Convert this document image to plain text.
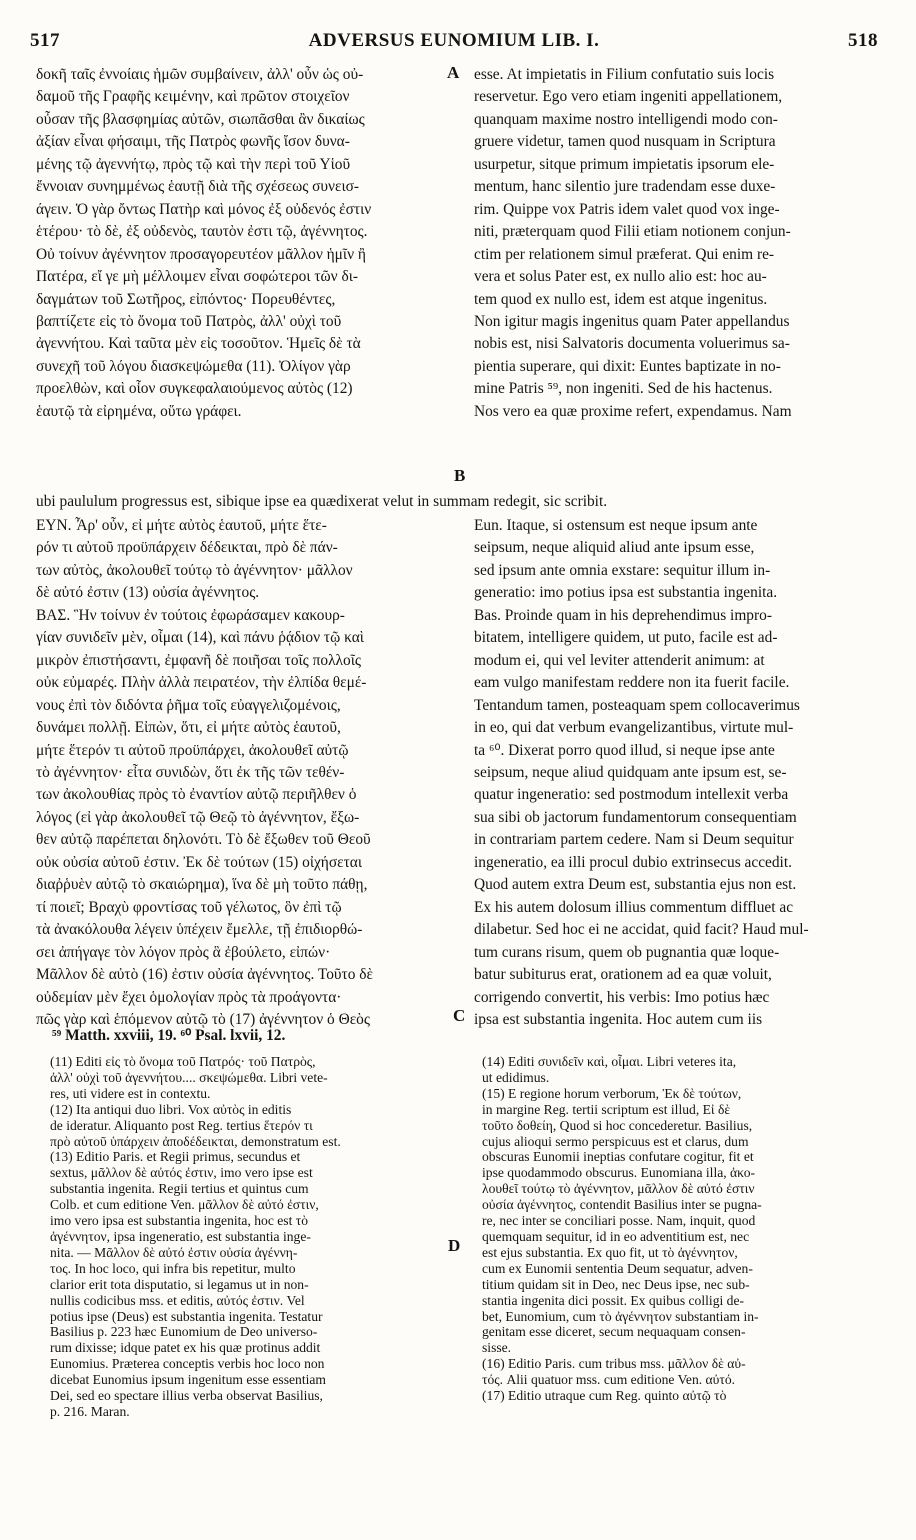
517	ADVERSUS EUNOMIUM LIB. I.	518
A
B
C
D
δοκῆ ταῖς ἐννοίαις ἡμῶν συμβαίνειν, ἀλλ' οὖν ὡς οὐ-
δαμοῦ τῆς Γραφῆς κειμένην, καὶ πρῶτον στοιχεῖον
οὖσαν τῆς βλασφημίας αὐτῶν, σιωπᾶσθαι ἂν δικαίως
ἀξίαν εἶναι φήσαιμι, τῆς Πατρὸς φωνῆς ἴσον δυνα-
μένης τῷ ἀγεννήτῳ, πρὸς τῷ καὶ τὴν περὶ τοῦ Υἱοῦ
ἔννοιαν συνημμένως ἑαυτῇ διὰ τῆς σχέσεως συνεισ-
άγειν. Ὁ γὰρ ὄντως Πατὴρ καὶ μόνος ἐξ οὐδενός ἐστιν
ἑτέρου· τὸ δὲ, ἐξ οὐδενὸς, ταυτὸν ἐστι τῷ, ἀγέννητος.
Οὐ τοίνυν ἀγέννητον προσαγορευτέον μᾶλλον ἡμῖν ἢ
Πατέρα, εἴ γε μὴ μέλλοιμεν εἶναι σοφώτεροι τῶν δι-
δαγμάτων τοῦ Σωτῆρος, εἰπόντος· Πορευθέντες,
βαπτίζετε εἰς τὸ ὄνομα τοῦ Πατρὸς, ἀλλ' οὐχὶ τοῦ
ἀγεννήτου. Καὶ ταῦτα μὲν εἰς τοσοῦτον. Ἡμεῖς δὲ τὰ
συνεχῆ τοῦ λόγου διασκεψώμεθα (11). Ὀλίγον γὰρ
προελθὼν, καὶ οἷον συγκεφαλαιούμενος αὐτὸς (12)
ἑαυτῷ τὰ εἰρημένα, οὕτω γράφει.
esse. At impietatis in Filium confutatio suis locis
reservetur. Ego vero etiam ingeniti appellationem,
quanquam maxime nostro intelligendi modo con-
gruere videtur, tamen quod nusquam in Scriptura
usurpetur, sitque primum impietatis ipsorum ele-
mentum, hanc silentio jure tradendam esse duxe-
rim. Quippe vox Patris idem valet quod vox inge-
niti, præterquam quod Filii etiam notionem conjun-
ctim per relationem simul præferat. Qui enim re-
vera et solus Pater est, ex nullo alio est: hoc au-
tem quod ex nullo est, idem est atque ingenitus.
Non igitur magis ingenitus quam Pater appellandus
nobis est, nisi Salvatoris documenta voluerimus sa-
pientia superare, qui dixit: Euntes baptizate in no-
mine Patris ⁵⁹, non ingeniti. Sed de his hactenus.
Nos vero ea quæ proxime refert, expendamus. Nam
ubi paululum progressus est, sibique ipse ea quædixerat velut in summam redegit, sic scribit.
ΕΥΝ. Ἆρ' οὖν, εἰ μήτε αὐτὸς ἑαυτοῦ, μήτε ἕτε-
ρόν τι αὐτοῦ προϋπάρχειν δέδεικται, πρὸ δὲ πάν-
των αὐτὸς, ἀκολουθεῖ τούτῳ τὸ ἀγέννητον· μᾶλλον
δὲ αὐτό ἐστιν (13) οὐσία ἀγέννητος.
ΒΑΣ. Ἣν τοίνυν ἐν τούτοις ἐφωράσαμεν κακουρ-
γίαν συνιδεῖν μὲν, οἶμαι (14), καὶ πάνυ ῥᾴδιον τῷ καὶ
μικρὸν ἐπιστήσαντι, ἐμφανῆ δὲ ποιῆσαι τοῖς πολλοῖς
οὐκ εὐμαρές. Πλὴν ἀλλὰ πειρατέον, τὴν ἐλπίδα θεμέ-
νους ἐπὶ τὸν διδόντα ῥῆμα τοῖς εὐαγγελιζομένοις,
δυνάμει πολλῇ. Εἰπὼν, ὅτι, εἰ μήτε αὐτὸς ἑαυτοῦ,
μήτε ἕτερόν τι αὐτοῦ προϋπάρχει, ἀκολουθεῖ αὐτῷ
τὸ ἀγέννητον· εἶτα συνιδὼν, ὅτι ἐκ τῆς τῶν τεθέν-
των ἀκολουθίας πρὸς τὸ ἐναντίον αὐτῷ περιῆλθεν ὁ
λόγος (εἰ γὰρ ἀκολουθεῖ τῷ Θεῷ τὸ ἀγέννητον, ἔξω-
θεν αὐτῷ παρέπεται δηλονότι. Τὸ δὲ ἔξωθεν τοῦ Θεοῦ
οὐκ οὐσία αὐτοῦ ἐστιν. Ἐκ δὲ τούτων (15) οἰχήσεται
διαῤῥυὲν αὐτῷ τὸ σκαιώρημα), ἵνα δὲ μὴ τοῦτο πάθῃ,
τί ποιεῖ; Βραχὺ φροντίσας τοῦ γέλωτος, ὃν ἐπὶ τῷ
τὰ ἀνακόλουθα λέγειν ὑπέχειν ἔμελλε, τῇ ἐπιδιορθώ-
σει ἀπήγαγε τὸν λόγον πρὸς ἃ ἐβούλετο, εἰπών·
Μᾶλλον δὲ αὐτὸ (16) ἐστιν οὐσία ἀγέννητος. Τοῦτο δὲ
οὐδεμίαν μὲν ἔχει ὁμολογίαν πρὸς τὰ προάγοντα·
πῶς γὰρ καὶ ἑπόμενον αὐτῷ τὸ (17) ἀγέννητον ὁ Θεὸς
Eun. Itaque, si ostensum est neque ipsum ante
seipsum, neque aliquid aliud ante ipsum esse,
sed ipsum ante omnia exstare: sequitur illum in-
generatio: imo potius ipsa est substantia ingenita.
Bas. Proinde quam in his deprehendimus impro-
bitatem, intelligere quidem, ut puto, facile est ad-
modum ei, qui vel leviter attenderit animum: at
eam vulgo manifestam reddere non ita fuerit facile.
Tentandum tamen, posteaquam spem collocaverimus
in eo, qui dat verbum evangelizantibus, virtute mul-
ta ⁶⁰. Dixerat porro quod illud, si neque ipse ante
seipsum, neque aliud quidquam ante ipsum est, se-
quatur ingeneratio: sed postmodum intellexit verba
sua sibi ob jactorum fundamentorum consequentiam
in contrariam partem cedere. Nam si Deum sequitur
ingeneratio, ea illi procul dubio extrinsecus accedit.
Quod autem extra Deum est, substantia ejus non est.
Ex his autem dolosum illius commentum diffluet ac
dilabetur. Sed hoc ei ne accidat, quid facit? Haud mul-
tum curans risum, quem ob pugnantia quæ loque-
batur subiturus erat, orationem ad ea quæ voluit,
corrigendo convertit, his verbis: Imo potius hæc
ipsa est substantia ingenita. Hoc autem cum iis
⁵⁹ Matth. xxviii, 19. ⁶⁰ Psal. lxvii, 12.
(11) Editi εἰς τὸ ὄνομα τοῦ Πατρός· τοῦ Πατρὸς,
ἀλλ' οὐχὶ τοῦ ἀγεννήτου.... σκεψώμεθα. Libri vete-
res, uti videre est in contextu.
(12) Ita antiqui duo libri. Vox αὐτὸς in editis
de ideratur. Aliquanto post Reg. tertius ἕτερόν τι
πρὸ αὐτοῦ ὑπάρχειν ἀποδέδεικται, demonstratum est.
(13) Editio Paris. et Regii primus, secundus et
sextus, μᾶλλον δὲ αὐτός ἐστιν, imo vero ipse est
substantia ingenita. Regii tertius et quintus cum
Colb. et cum editione Ven. μᾶλλον δὲ αὐτό ἐστιν,
imo vero ipsa est substantia ingenita, hoc est τὸ
ἀγέννητον, ipsa ingeneratio, est substantia inge-
nita. — Μᾶλλον δὲ αὐτό ἐστιν οὐσία ἀγέννη-
τος. In hoc loco, qui infra bis repetitur, multo
clarior erit tota disputatio, si legamus ut in non-
nullis codicibus mss. et editis, αὐτός ἐστιν. Vel
potius ipse (Deus) est substantia ingenita. Testatur
Basilius p. 223 hæc Eunomium de Deo universo-
rum dixisse; idque patet ex his quæ protinus addit
Eunomius. Præterea conceptis verbis hoc loco non
dicebat Eunomius ipsum ingenitum esse essentiam
Dei, sed eo spectare illius verba observat Basilius,
p. 216. Maran.
(14) Editi συνιδεῖν καὶ, οἶμαι. Libri veteres ita,
ut edidimus.
(15) E regione horum verborum, Ἐκ δὲ τούτων,
in margine Reg. tertii scriptum est illud, Εἰ δὲ
τοῦτο δοθείη, Quod si hoc concederetur. Basilius,
cujus alioqui sermo perspicuus est et clarus, dum
obscuras Eunomii ineptias confutare cogitur, fit et
ipse quodammodo obscurus. Eunomiana illa, ἀκο-
λουθεῖ τούτῳ τὸ ἀγέννητον, μᾶλλον δὲ αὐτό ἐστιν
οὐσία ἀγέννητος, contendit Basilius inter se pugna-
re, nec inter se conciliari posse. Nam, inquit, quod
quemquam sequitur, id in eo adventitium est, nec
est ejus substantia. Ex quo fit, ut τὸ ἀγέννητον,
cum ex Eunomii sententia Deum sequatur, adven-
titium quidam sit in Deo, nec Deus ipse, nec sub-
stantia ingenita dici possit. Ex quibus colligi de-
bet, Eunomium, cum τὸ ἀγέννητον substantiam in-
genitam esse diceret, secum nequaquam consen-
sisse.
(16) Editio Paris. cum tribus mss. μᾶλλον δὲ αὐ-
τός. Alii quatuor mss. cum editione Ven. αὐτό.
(17) Editio utraque cum Reg. quinto αὐτῷ τὸ
